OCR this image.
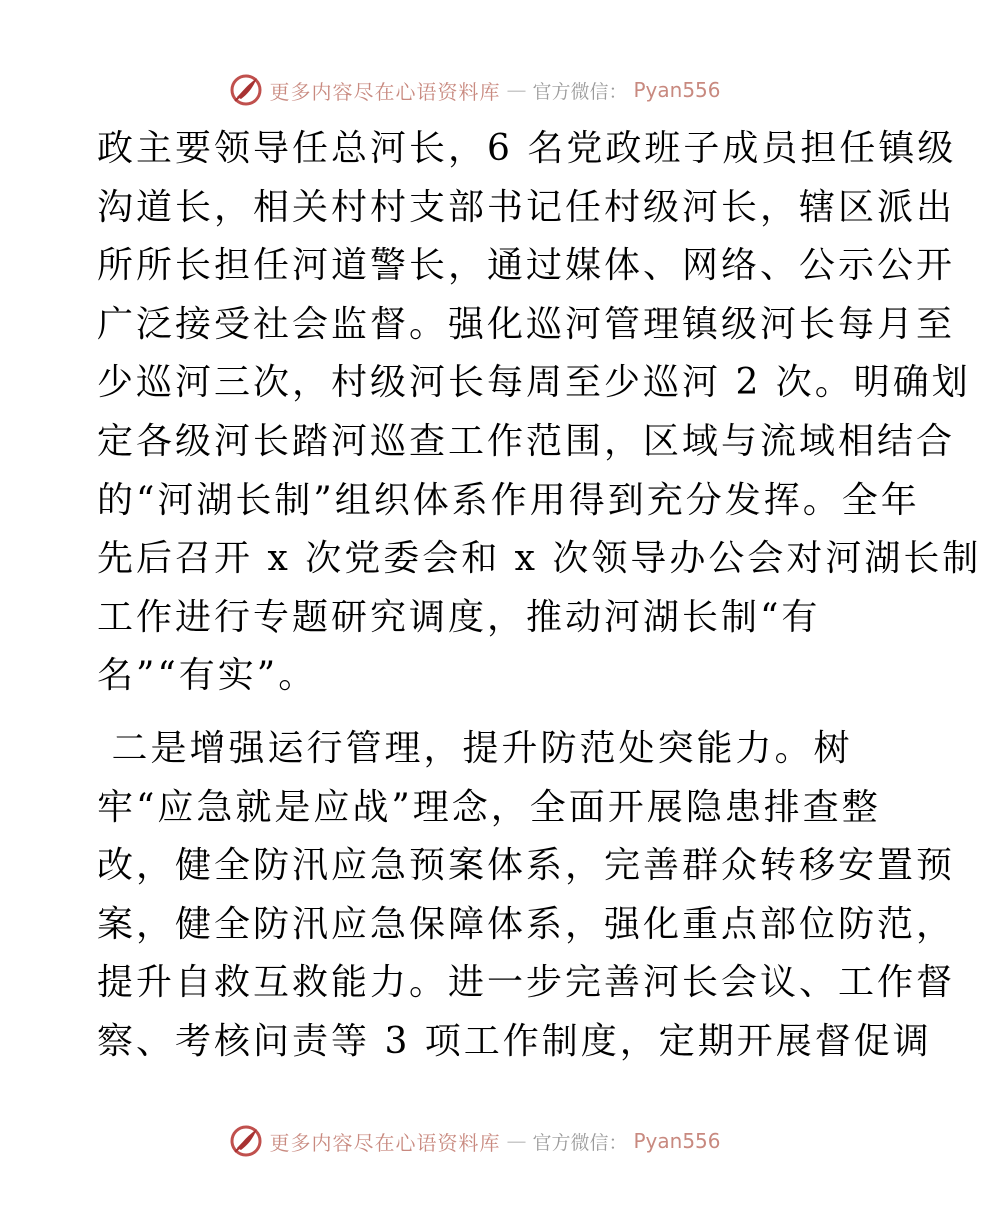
更多内容尽在心语资料库 — 官方微信： Pyan556
政主要领导任总河长，6 名党政班子成员担任镇级
沟道长，相关村村支部书记任村级河长，辖区派出
所所长担任河道警长，通过媒体、网络、公示公开
广泛接受社会监督。强化巡河管理镇级河长每月至
少巡河三次，村级河长每周至少巡河 2 次。明确划
定各级河长踏河巡查工作范围，区域与流域相结合
的“河湖长制”组织体系作用得到充分发挥。全年
先后召开 x 次党委会和 x 次领导办公会对河湖长制
工作进行专题研究调度，推动河湖长制“有
名”“有实”。
二是增强运行管理，提升防范处突能力。树
牢“应急就是应战”理念，全面开展隐患排查整
改，健全防汛应急预案体系，完善群众转移安置预
案，健全防汛应急保障体系，强化重点部位防范，
提升自救互救能力。进一步完善河长会议、工作督
察、考核问责等 3 项工作制度，定期开展督促调
更多内容尽在心语资料库 — 官方微信： Pyan556
